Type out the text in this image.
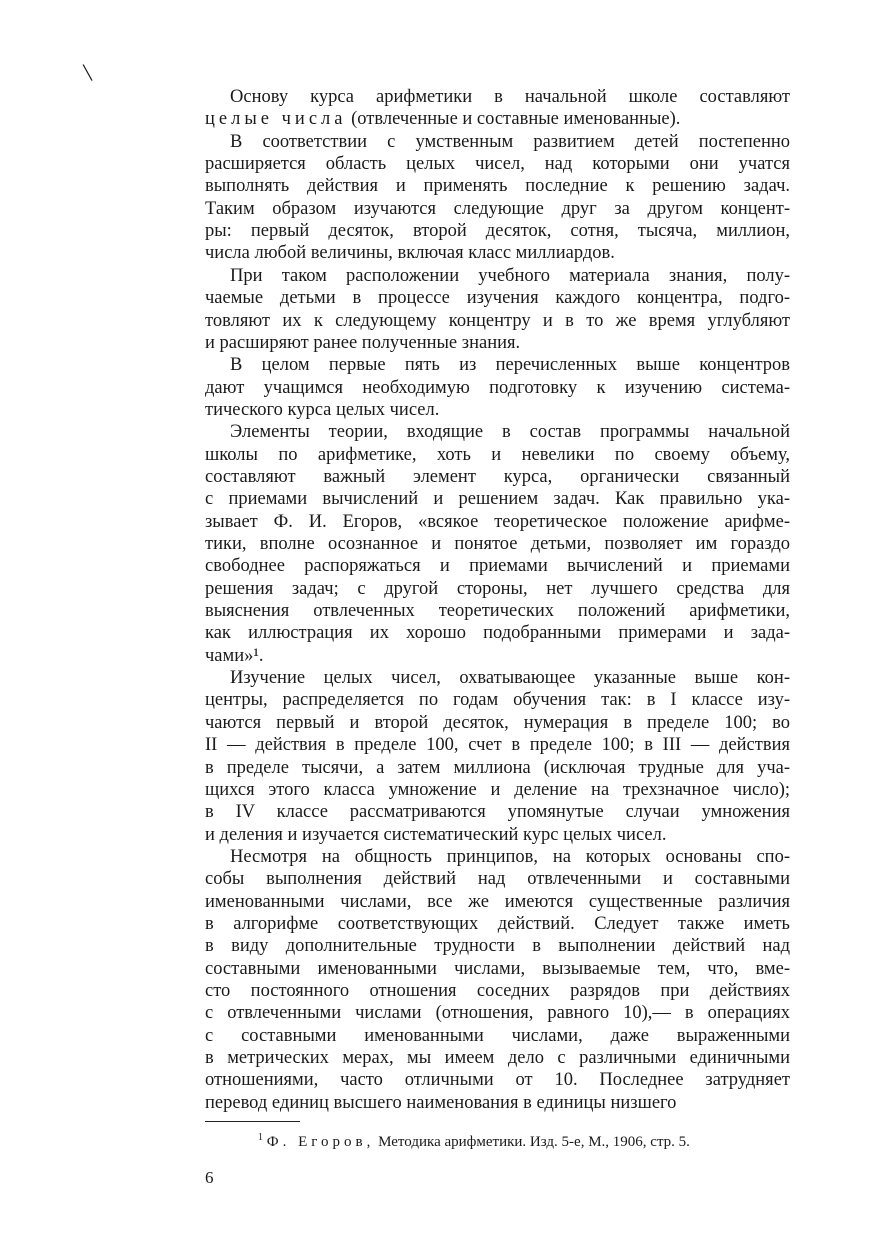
\
Основу курса арифметики в начальной школе составляют
целые числа (отвлеченные и составные именованные).
В соответствии с умственным развитием детей постепенно
расширяется область целых чисел, над которыми они учатся
выполнять действия и применять последние к решению задач.
Таким образом изучаются следующие друг за другом концент-
ры: первый десяток, второй десяток, сотня, тысяча, миллион,
числа любой величины, включая класс миллиардов.
При таком расположении учебного материала знания, полу-
чаемые детьми в процессе изучения каждого концентра, подго-
товляют их к следующему концентру и в то же время углубляют
и расширяют ранее полученные знания.
В целом первые пять из перечисленных выше концентров
дают учащимся необходимую подготовку к изучению система-
тического курса целых чисел.
Элементы теории, входящие в состав программы начальной
школы по арифметике, хоть и невелики по своему объему,
составляют важный элемент курса, органически связанный
с приемами вычислений и решением задач. Как правильно ука-
зывает Ф. И. Егоров, «всякое теоретическое положение арифме-
тики, вполне осознанное и понятое детьми, позволяет им гораздо
свободнее распоряжаться и приемами вычислений и приемами
решения задач; с другой стороны, нет лучшего средства для
выяснения отвлеченных теоретических положений арифметики,
как иллюстрация их хорошо подобранными примерами и зада-
чами»¹.
Изучение целых чисел, охватывающее указанные выше кон-
центры, распределяется по годам обучения так: в I классе изу-
чаются первый и второй десяток, нумерация в пределе 100; во
II — действия в пределе 100, счет в пределе 100; в III — действия
в пределе тысячи, а затем миллиона (исключая трудные для уча-
щихся этого класса умножение и деление на трехзначное число);
в IV классе рассматриваются упомянутые случаи умножения
и деления и изучается систематический курс целых чисел.
Несмотря на общность принципов, на которых основаны спо-
собы выполнения действий над отвлеченными и составными
именованными числами, все же имеются существенные различия
в алгорифме соответствующих действий. Следует также иметь
в виду дополнительные трудности в выполнении действий над
составными именованными числами, вызываемые тем, что, вме-
сто постоянного отношения соседних разрядов при действиях
с отвлеченными числами (отношения, равного 10),— в операциях
с составными именованными числами, даже выраженными
в метрических мерах, мы имеем дело с различными единичными
отношениями, часто отличными от 10. Последнее затрудняет
перевод единиц высшего наименования в единицы низшего
$^1$ Ф. Егоров, Методика арифметики. Изд. 5-е, М., 1906, стр. 5.
6
